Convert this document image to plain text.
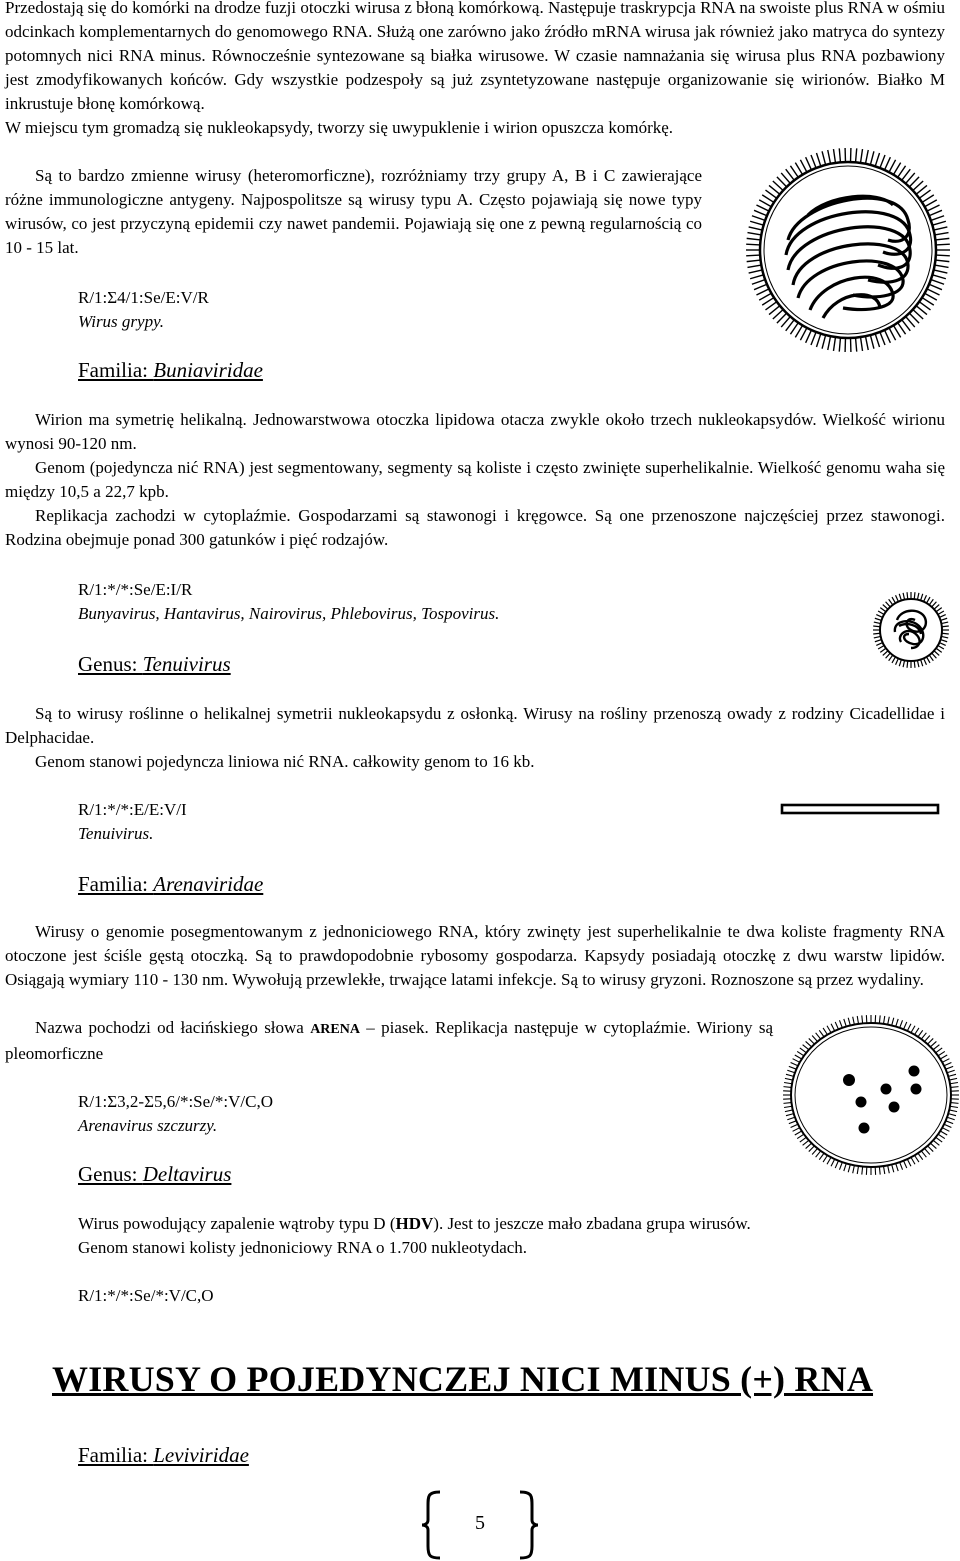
Przedostają się do komórki na drodze fuzji otoczki wirusa z błoną komórkową. Następuje traskrypcja RNA na swoiste plus RNA w ośmiu odcinkach komplementarnych do genomowego RNA. Służą one zarówno jako źródło mRNA wirusa jak również jako matryca do syntezy potomnych nici RNA minus. Równocześnie syntezowane są białka wirusowe. W czasie namnażania się wirusa plus RNA pozbawiony jest zmodyfikowanych końców. Gdy wszystkie podzespoły są już zsyntetyzowane następuje organizowanie się wirionów. Białko M inkrustuje błonę komórkową.

W miejscu tym gromadzą się nukleokapsydy, tworzy się uwypuklenie i wirion opuszcza komórkę.

Są to bardzo zmienne wirusy (heteromorficzne), rozróżniamy trzy grupy A, B i C zawierające różne immunologiczne antygeny. Najpospolitsze są wirusy typu A. Często pojawiają się nowe typy wirusów, co jest przyczyną epidemii czy nawet pandemii. Pojawiają się one z pewną regularnością co 10 - 15 lat.

R/1:Σ4/1:Se/E:V/R
Wirus grypy.
Familia: Buniaviridae

Wirion ma symetrię helikalną. Jednowarstwowa otoczka lipidowa otacza zwykle około trzech nukleokapsydów. Wielkość wirionu wynosi 90-120 nm.

Genom (pojedyncza nić RNA) jest segmentowany, segmenty są koliste i często zwinięte superhelikalnie. Wielkość genomu waha się między 10,5 a 22,7 kpb.

Replikacja zachodzi w cytoplaźmie. Gospodarzami są stawonogi i kręgowce. Są one przenoszone najczęściej przez stawonogi. Rodzina obejmuje ponad 300 gatunków i pięć rodzajów.

R/1:*/*:Se/E:I/R
Bunyavirus, Hantavirus, Nairovirus, Phlebovirus, Tospovirus.
Genus: Tenuivirus

Są to wirusy roślinne o helikalnej symetrii nukleokapsydu z osłonką. Wirusy na rośliny przenoszą owady z rodziny Cicadellidae i Delphacidae.

Genom stanowi pojedyncza liniowa nić RNA. całkowity genom to 16 kb.

R/1:*/*:E/E:V/I
Tenuivirus.
Familia: Arenaviridae

Wirusy o genomie posegmentowanym z jednoniciowego RNA, który zwinęty jest superhelikalnie te dwa koliste fragmenty RNA otoczone jest ściśle gęstą otoczką. Są to prawdopodobnie rybosomy gospodarza. Kapsydy posiadają otoczkę z dwu warstw lipidów. Osiągają wymiary 110 - 130 nm. Wywołują przewlekłe, trwające latami infekcje. Są to wirusy gryzoni. Roznoszone są przez wydaliny.

Nazwa pochodzi od łacińskiego słowa ARENA – piasek. Replikacja następuje w cytoplaźmie. Wiriony są pleomorficzne

R/1:Σ3,2-Σ5,6/*:Se/*:V/C,O
Arenavirus szczurzy.
Genus: Deltavirus

Wirus powodujący zapalenie wątroby typu D (HDV). Jest to jeszcze mało zbadana grupa wirusów.

Genom stanowi kolisty jednoniciowy RNA o 1.700 nukleotydach.

R/1:*/*:Se/*:V/C,O
WIRUSY O POJEDYNCZEJ NICI MINUS (+) RNA
Familia: Leviviridae
5
